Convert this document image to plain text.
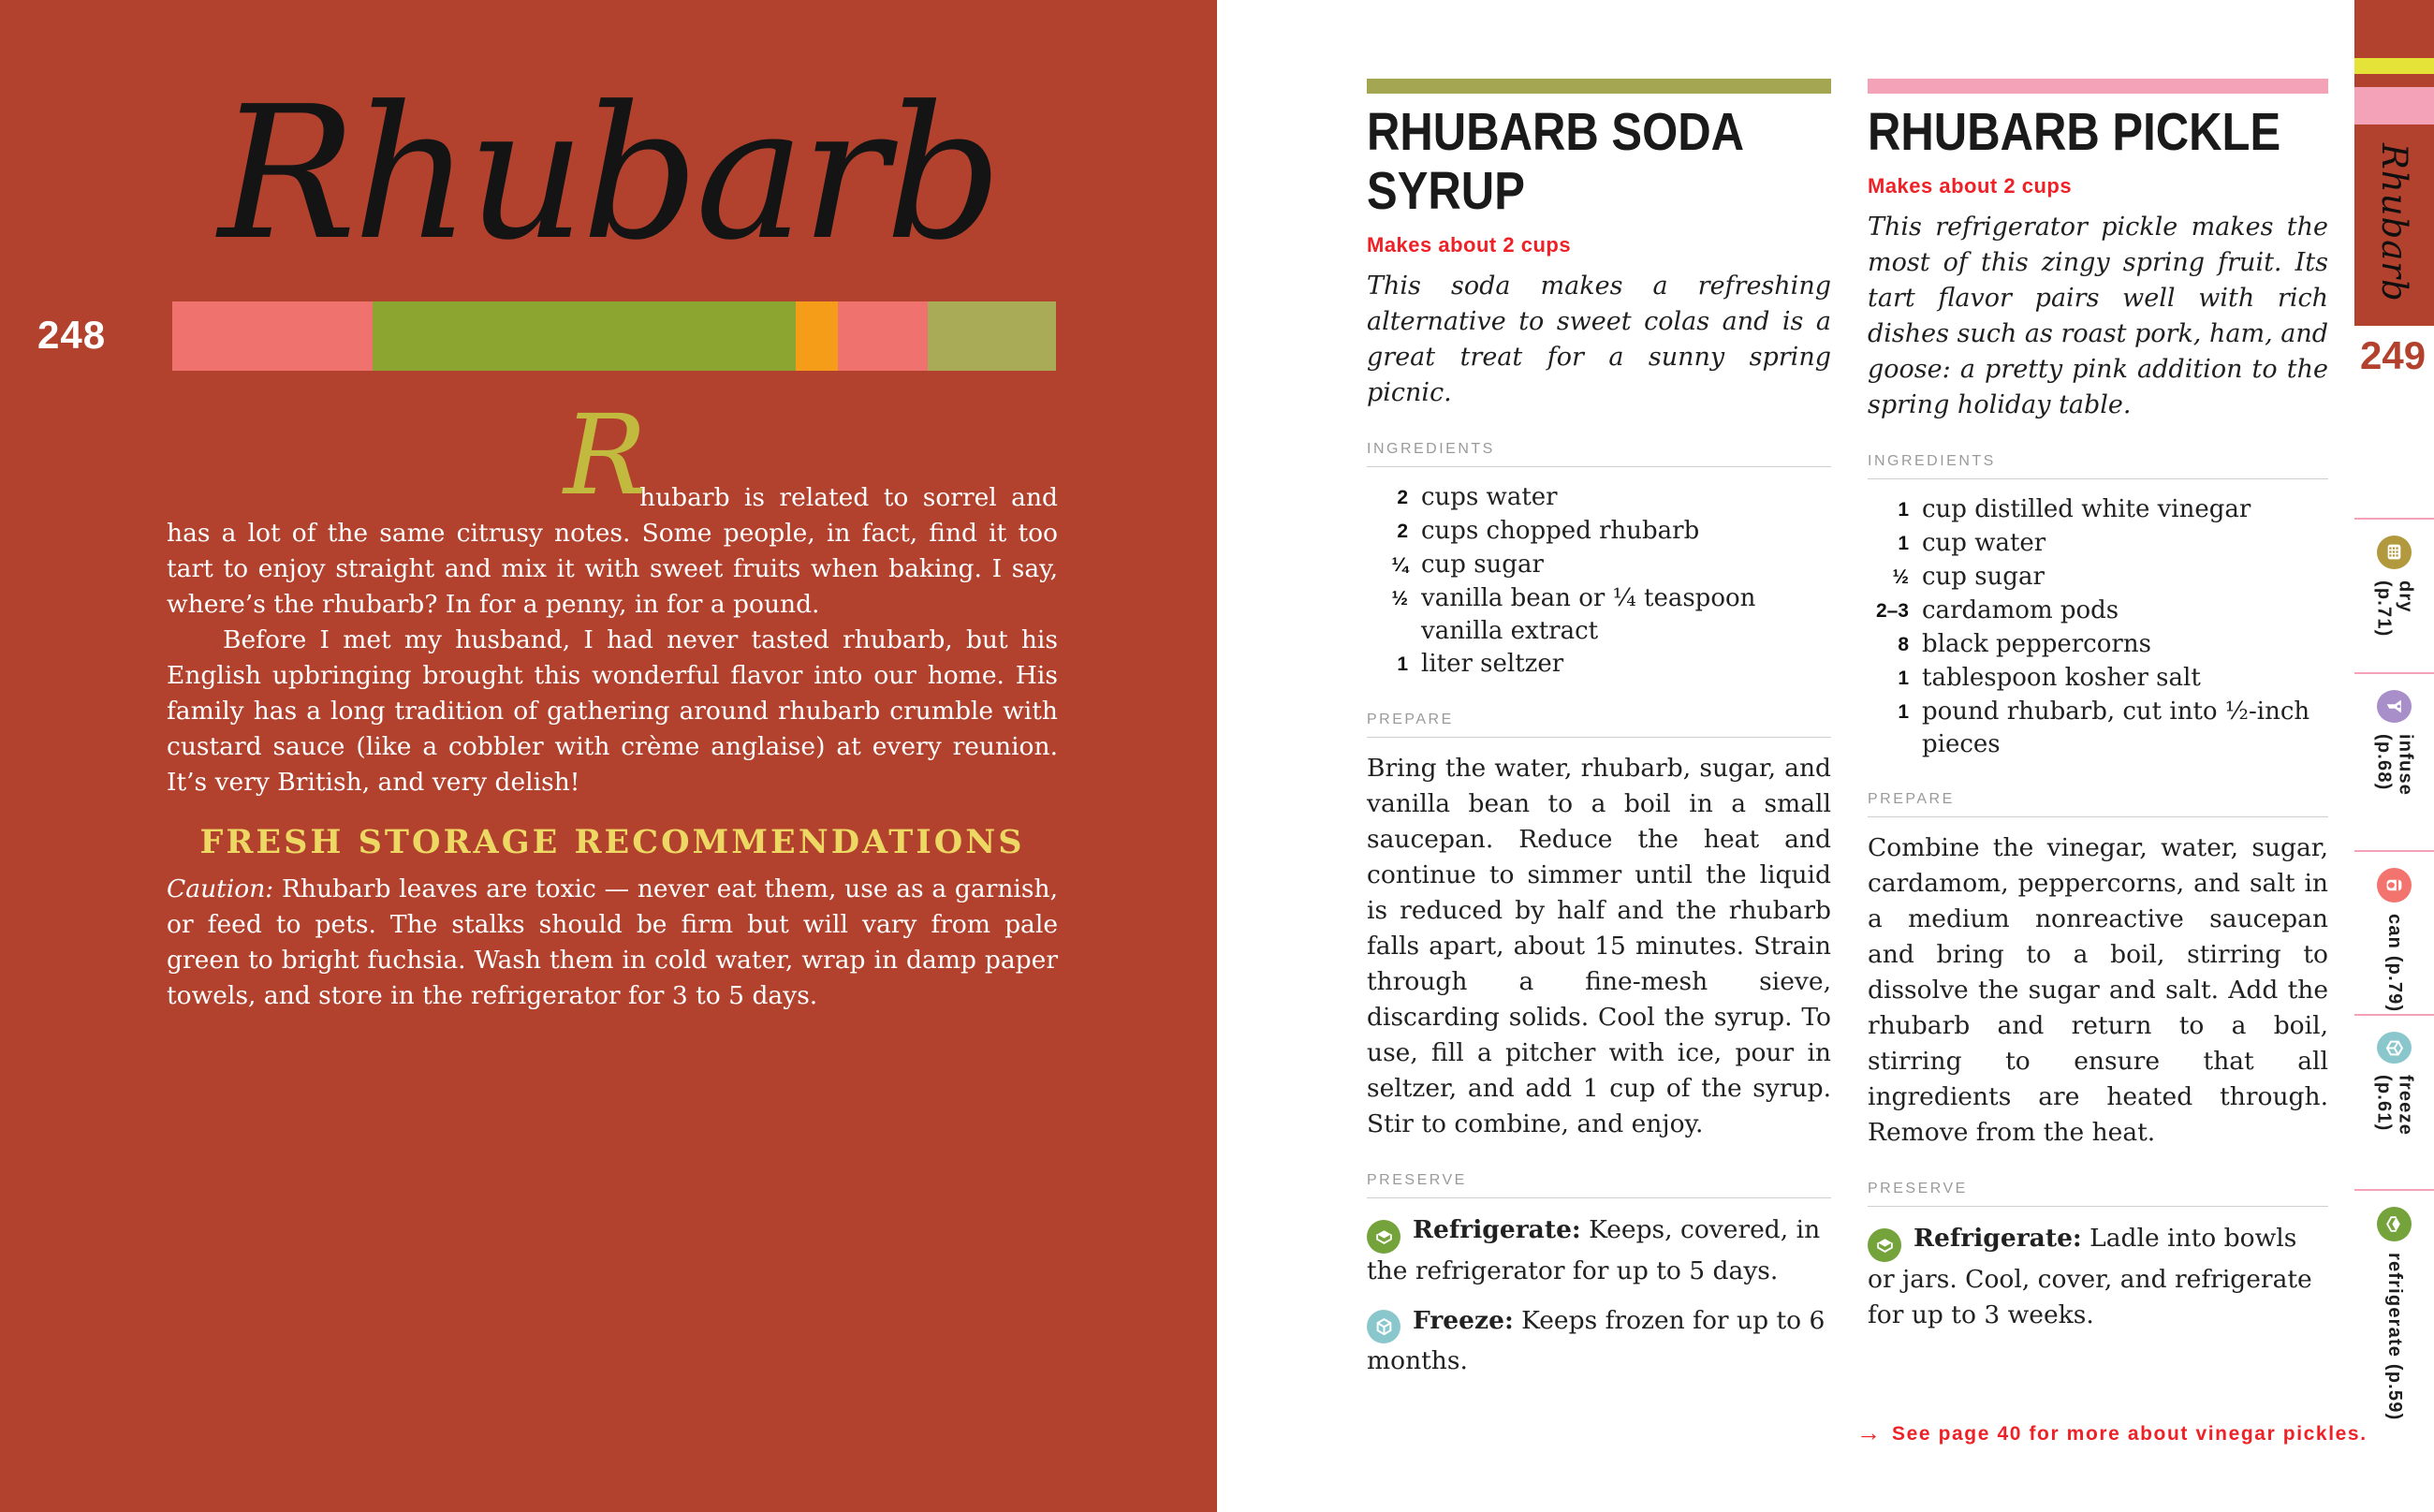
Rhubarb
248

R
hubarb is related to sorrel and has a lot of the same citrusy notes. Some people, in fact, find it too tart to enjoy straight and mix it with sweet fruits when baking. I say, where’s the rhubarb? In for a penny, in for a pound.

Before I met my husband, I had never tasted rhubarb, but his English upbringing brought this wonderful flavor into our home. His family has a long tradition of gathering around rhubarb crumble with custard sauce (like a cobbler with crème anglaise) at every reunion. It’s very British, and very delish!

FRESH STORAGE RECOMMENDATIONS

Caution: Rhubarb leaves are toxic — never eat them, use as a garnish, or feed to pets. The stalks should be firm but will vary from pale green to bright fuchsia. Wash them in cold water, wrap in damp paper towels, and store in the refrigerator for 3 to 5 days.

RHUBARB SODA
SYRUP
Makes about 2 cups

This soda makes a refreshing alternative to sweet colas and is a great treat for a sunny spring picnic.

INGREDIENTS
2 cups water
2 cups chopped rhubarb
¼ cup sugar
½ vanilla bean or ¼ teaspoon vanilla extract
1 liter seltzer
PREPARE

Bring the water, rhubarb, sugar, and vanilla bean to a boil in a small saucepan. Reduce the heat and continue to simmer until the liquid is reduced by half and the rhubarb falls apart, about 15 minutes. Strain through a fine-mesh sieve, discarding solids. Cool the syrup. To use, fill a pitcher with ice, pour in seltzer, and add 1 cup of the syrup. Stir to combine, and enjoy.

PRESERVE

Refrigerate: Keeps, covered, in the refrigerator for up to 5 days.

Freeze: Keeps frozen for up to 6 months.

RHUBARB PICKLE
Makes about 2 cups

This refrigerator pickle makes the most of this zingy spring fruit. Its tart flavor pairs well with rich dishes such as roast pork, ham, and goose: a pretty pink addition to the spring holiday table.

INGREDIENTS
1 cup distilled white vinegar
1 cup water
½ cup sugar
2–3 cardamom pods
8 black peppercorns
1 tablespoon kosher salt
1 pound rhubarb, cut into ½-inch pieces
PREPARE

Combine the vinegar, water, sugar, cardamom, peppercorns, and salt in a medium nonreactive saucepan and bring to a boil, stirring to dissolve the sugar and salt. Add the rhubarb and return to a boil, stirring to ensure that all ingredients are heated through. Remove from the heat.

PRESERVE

Refrigerate: Ladle into bowls or jars. Cool, cover, and refrigerate for up to 3 weeks.

→ See page 40 for more about vinegar pickles.
Rhubarb
249
dry (p.71)
infuse (p.68)
can (p.79)
freeze (p.61)
refrigerate (p.59)
